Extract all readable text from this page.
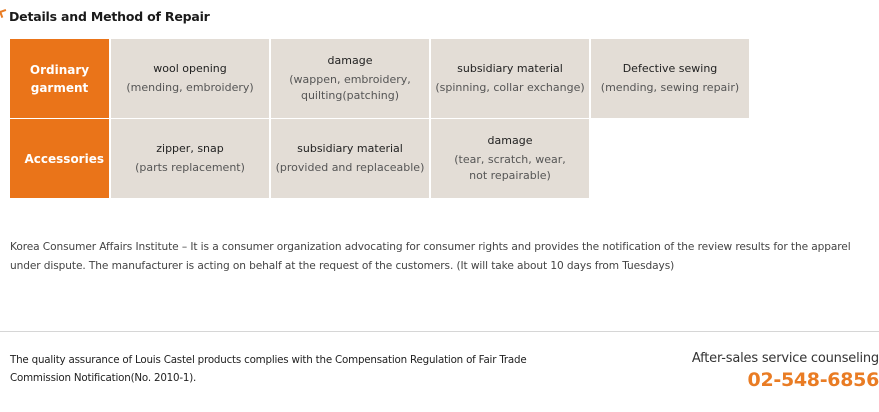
Details and Method of Repair
Ordinary garment
wool opening
(mending, embroidery)
damage
(wappen, embroidery,
quilting(patching)
subsidiary material
(spinning, collar exchange)
Defective sewing
(mending, sewing repair)
Accessories
zipper, snap
(parts replacement)
subsidiary material
(provided and replaceable)
damage
(tear, scratch, wear,
not repairable)

Korea Consumer Affairs Institute – It is a consumer organization advocating for consumer rights and provides the notification of the review results for the apparel under dispute. The manufacturer is acting on behalf at the request of the customers. (It will take about 10 days from Tuesdays)

The quality assurance of Louis Castel products complies with the Compensation Regulation of Fair Trade Commission Notification(No. 2010-1).

After-sales service counseling
02-548-6856
